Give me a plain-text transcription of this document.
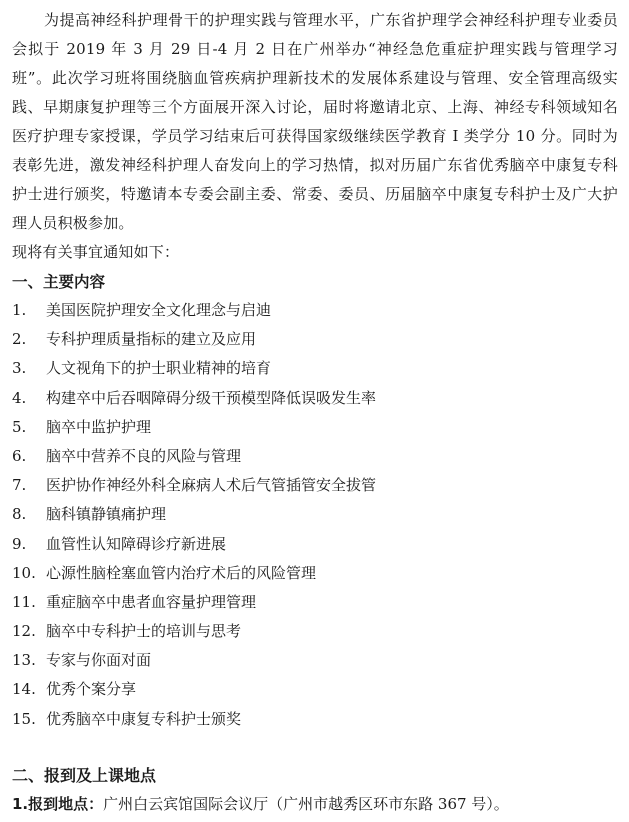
为提高神经科护理骨干的护理实践与管理水平，广东省护理学会神经科护理专业委员会拟于 2019 年 3 月 29 日-4 月 2 日在广州举办“神经急危重症护理实践与管理学习班”。此次学习班将围绕脑血管疾病护理新技术的发展体系建设与管理、安全管理高级实践、早期康复护理等三个方面展开深入讨论，届时将邀请北京、上海、神经专科领域知名医疗护理专家授课，学员学习结束后可获得国家级继续医学教育 I 类学分 10 分。同时为表彰先进，激发神经科护理人奋发向上的学习热情，拟对历届广东省优秀脑卒中康复专科护士进行颁奖，特邀请本专委会副主委、常委、委员、历届脑卒中康复专科护士及广大护理人员积极参加。

现将有关事宜通知如下：

一、主要内容
1. 美国医院护理安全文化理念与启迪
2. 专科护理质量指标的建立及应用
3. 人文视角下的护士职业精神的培育
4. 构建卒中后吞咽障碍分级干预模型降低误吸发生率
5. 脑卒中监护护理
6. 脑卒中营养不良的风险与管理
7. 医护协作神经外科全麻病人术后气管插管安全拔管
8. 脑科镇静镇痛护理
9. 血管性认知障碍诊疗新进展
10. 心源性脑栓塞血管内治疗术后的风险管理
11. 重症脑卒中患者血容量护理管理
12. 脑卒中专科护士的培训与思考
13. 专家与你面对面
14. 优秀个案分享
15. 优秀脑卒中康复专科护士颁奖
二、报到及上课地点
1.报到地点：广州白云宾馆国际会议厅（广州市越秀区环市东路 367 号）。
